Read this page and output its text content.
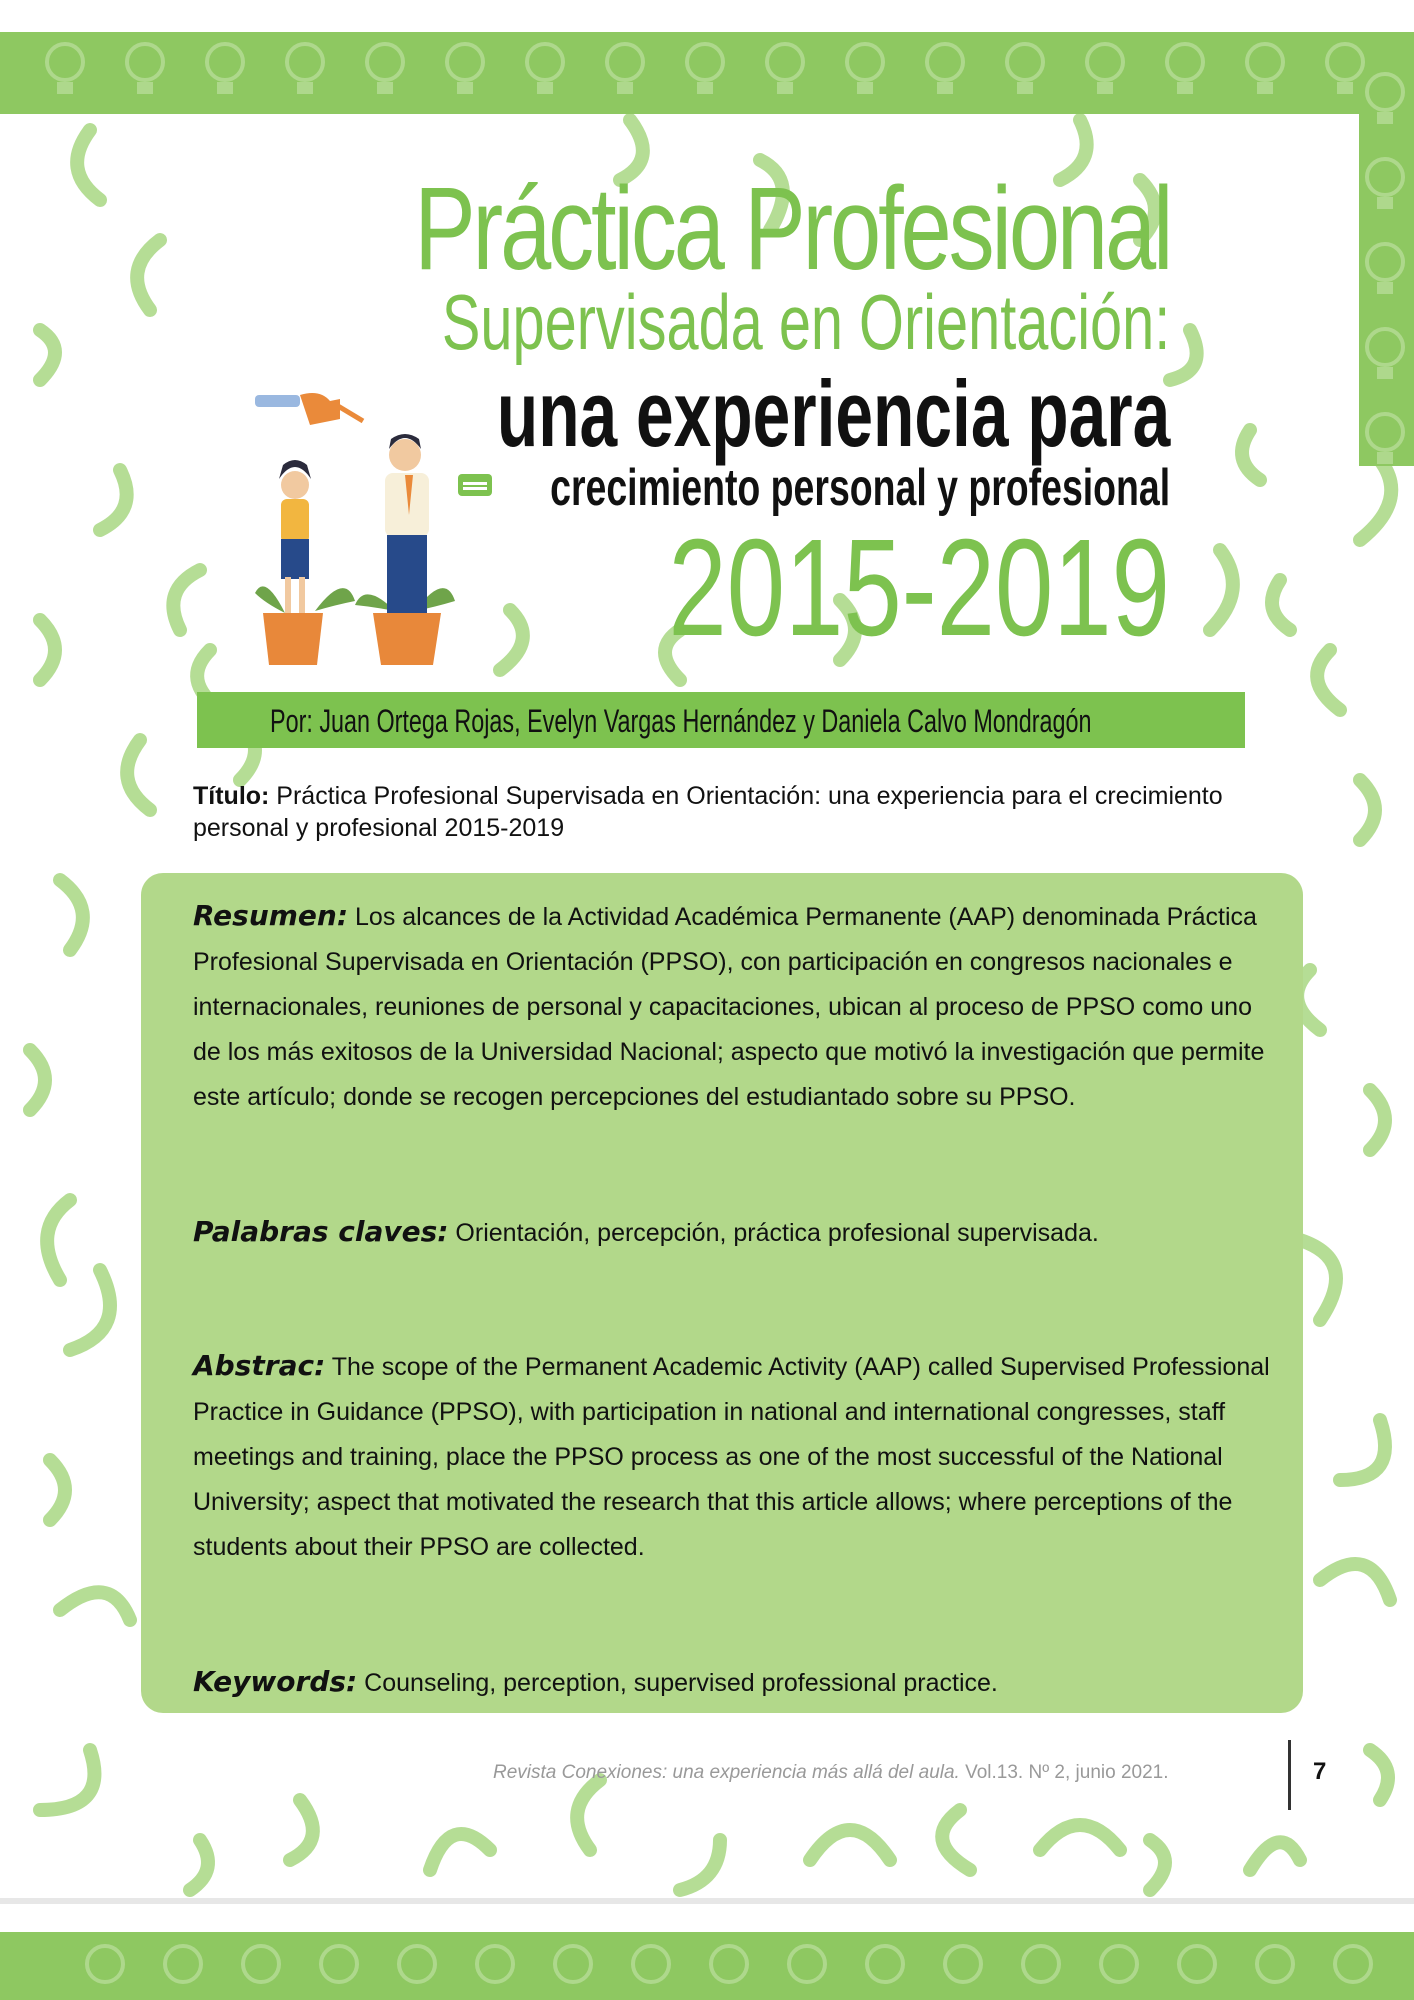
Práctica Profesional
Supervisada en Orientación:
una experiencia para
crecimiento personal y profesional
2015-2019
Por: Juan Ortega Rojas, Evelyn Vargas Hernández y Daniela Calvo Mondragón
Título: Práctica Profesional Supervisada en Orientación: una experiencia para el crecimiento personal y profesional 2015-2019
Resumen: Los alcances de la Actividad Académica Permanente (AAP) denominada Práctica Profesional Supervisada en Orientación (PPSO), con participación en congresos nacionales e internacionales, reuniones de personal y capacitaciones, ubican al proceso de PPSO como uno de los más exitosos de la Universidad Nacional; aspecto que motivó la investigación que permite este artículo; donde se recogen percepciones del estudiantado sobre su PPSO.
Palabras claves: Orientación, percepción, práctica profesional supervisada.
Abstrac: The scope of the Permanent Academic Activity (AAP) called Supervised Professional Practice in Guidance (PPSO), with participation in national and international congresses, staff meetings and training, place the PPSO process as one of the most successful of the National University; aspect that motivated the research that this article allows; where perceptions of the students about their PPSO are collected.
Keywords: Counseling, perception, supervised professional practice.
Revista Conexiones: una experiencia más allá del aula. Vol.13. Nº 2, junio 2021.	7
